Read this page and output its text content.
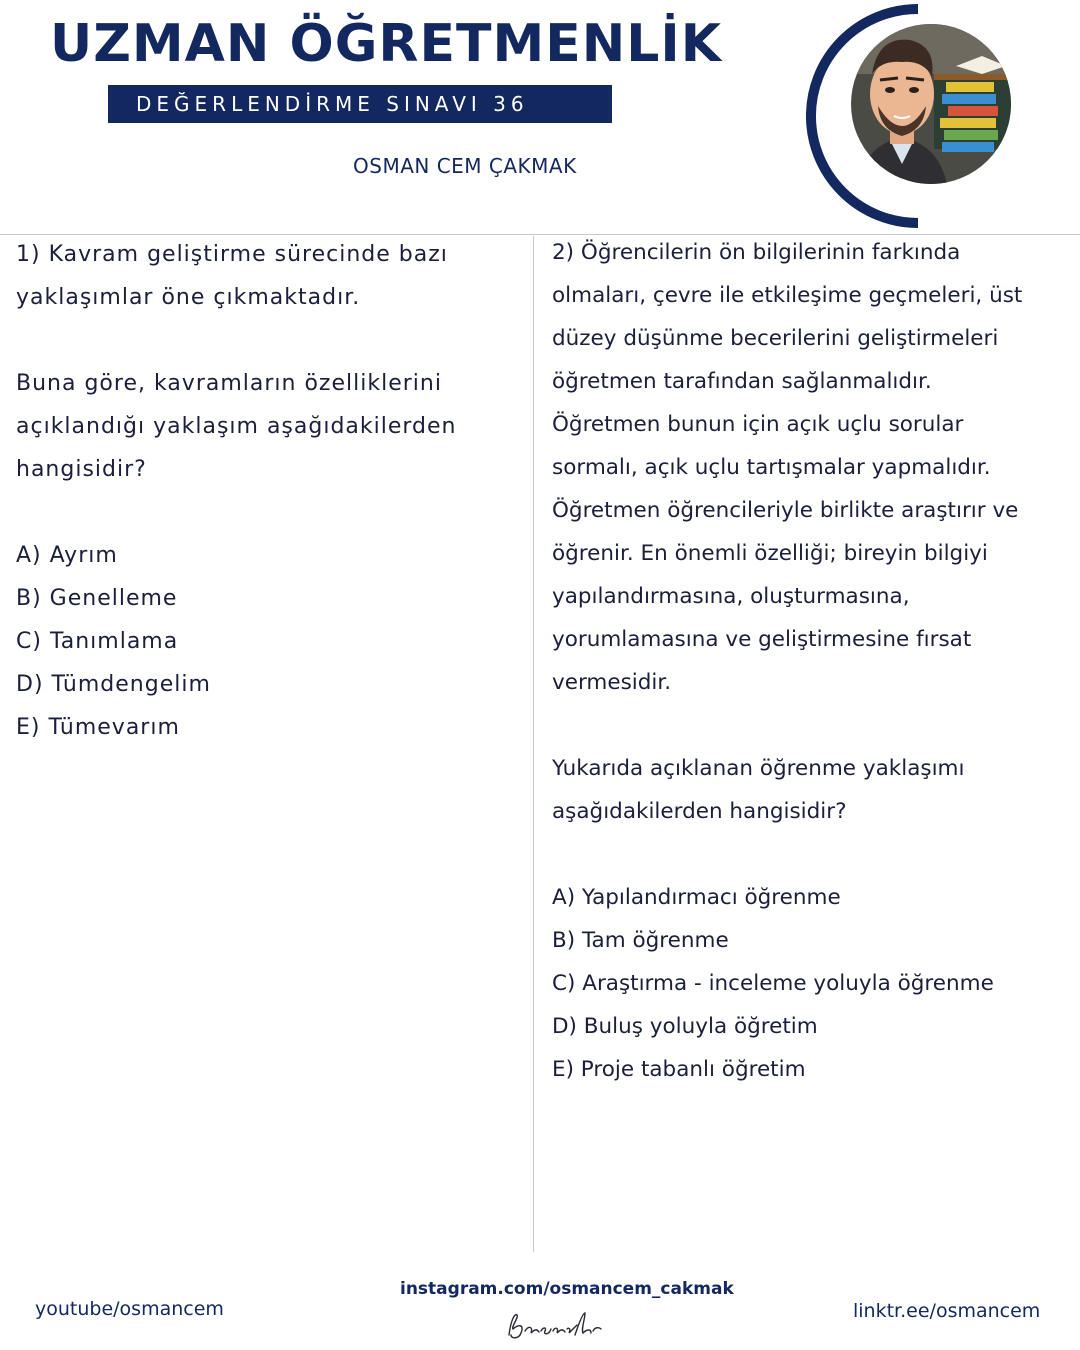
UZMAN ÖĞRETMENLİK
DEĞERLENDİRME SINAVI 36
OSMAN CEM ÇAKMAK

1) Kavram geliştirme sürecinde bazı

yaklaşımlar öne çıkmaktadır.

Buna göre, kavramların özelliklerini

açıklandığı yaklaşım aşağıdakilerden

hangisidir?

A) Ayrım

B) Genelleme

C) Tanımlama

D) Tümdengelim

E) Tümevarım

2) Öğrencilerin ön bilgilerinin farkında

olmaları, çevre ile etkileşime geçmeleri, üst

düzey düşünme becerilerini geliştirmeleri

öğretmen tarafından sağlanmalıdır.

Öğretmen bunun için açık uçlu sorular

sormalı, açık uçlu tartışmalar yapmalıdır.

Öğretmen öğrencileriyle birlikte araştırır ve

öğrenir. En önemli özelliği; bireyin bilgiyi

yapılandırmasına, oluşturmasına,

yorumlamasına ve geliştirmesine fırsat

vermesidir.

Yukarıda açıklanan öğrenme yaklaşımı

aşağıdakilerden hangisidir?

A) Yapılandırmacı öğrenme

B) Tam öğrenme

C) Araştırma - inceleme yoluyla öğrenme

D) Buluş yoluyla öğretim

E) Proje tabanlı öğretim

youtube/osmancem
instagram.com/osmancem_cakmak
linktr.ee/osmancem
